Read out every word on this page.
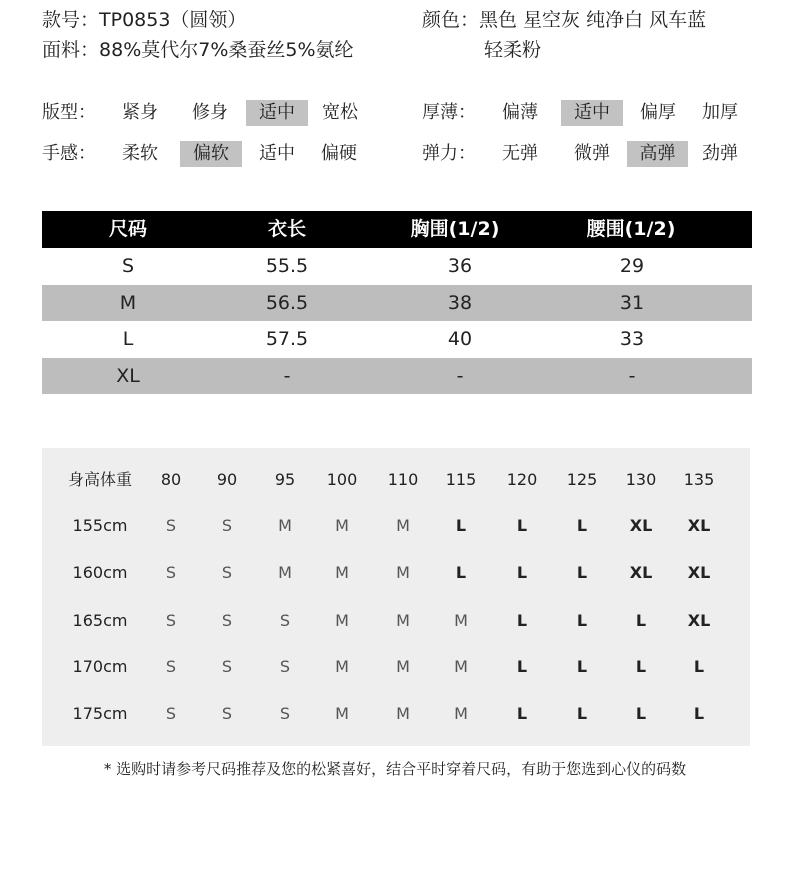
款号：TP0853（圆领）
面料：88%莫代尔7%桑蚕丝5%氨纶
颜色：黑色 星空灰 纯净白 风车蓝
轻柔粉
版型：	紧身	修身	适中	宽松	厚薄：	偏薄	适中	偏厚	加厚
手感：	柔软	偏软	适中	偏硬	弹力：	无弹	微弹	高弹	劲弹
尺码	衣长	胸围(1/2)	腰围(1/2)
S	55.5	36	29
M	56.5	38	31
L	57.5	40	33
XL	-	-	-
身高体重	80	90	95	100	110	115	120	125	130	135
155cm	S	S	M	M	M	L	L	L	XL	XL
160cm	S	S	M	M	M	L	L	L	XL	XL
165cm	S	S	S	M	M	M	L	L	L	XL
170cm	S	S	S	M	M	M	L	L	L	L
175cm	S	S	S	M	M	M	L	L	L	L
* 选购时请参考尺码推荐及您的松紧喜好，结合平时穿着尺码，有助于您选到心仪的码数
